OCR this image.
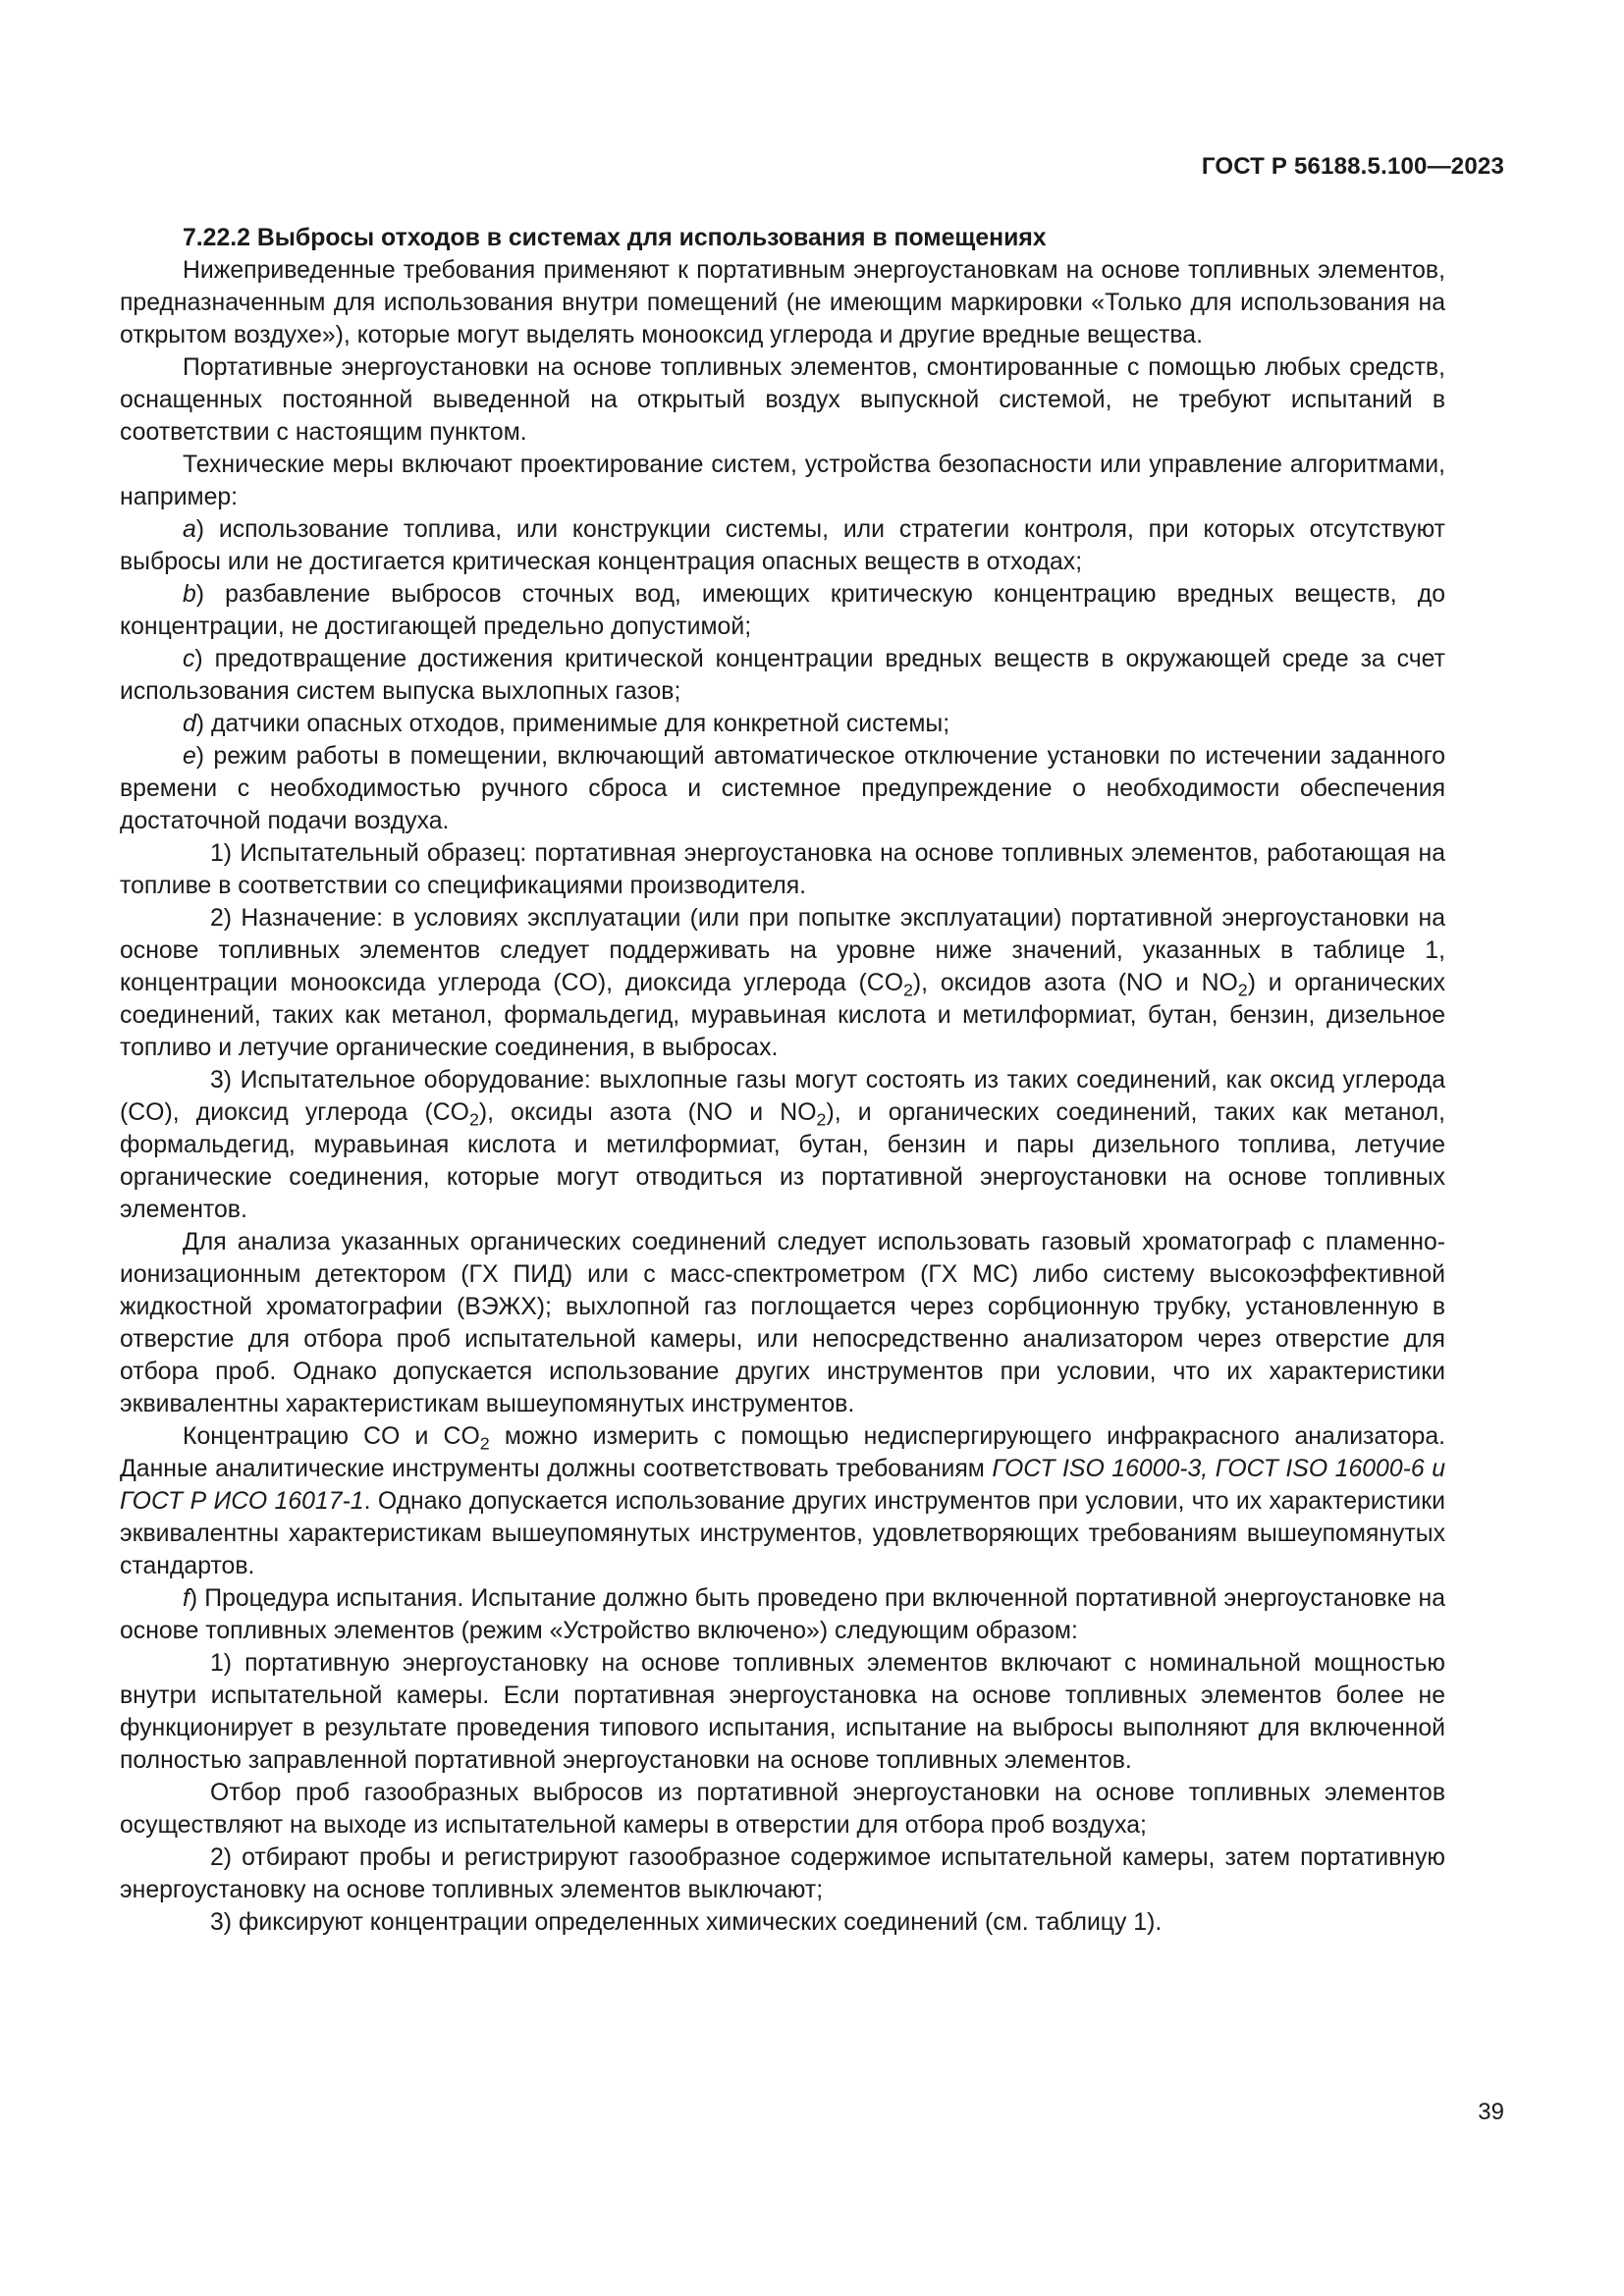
ГОСТ Р 56188.5.100—2023

7.22.2 Выбросы отходов в системах для использования в помещениях

Нижеприведенные требования применяют к портативным энергоустановкам на основе топливных элементов, предназначенным для использования внутри помещений (не имеющим маркировки «Только для использования на открытом воздухе»), которые могут выделять монооксид углерода и другие вредные вещества.

Портативные энергоустановки на основе топливных элементов, смонтированные с помощью любых средств, оснащенных постоянной выведенной на открытый воздух выпускной системой, не требуют испытаний в соответствии с настоящим пунктом.

Технические меры включают проектирование систем, устройства безопасности или управление алгоритмами, например:

а) использование топлива, или конструкции системы, или стратегии контроля, при которых отсутствуют выбросы или не достигается критическая концентрация опасных веществ в отходах;

b) разбавление выбросов сточных вод, имеющих критическую концентрацию вредных веществ, до концентрации, не достигающей предельно допустимой;

c) предотвращение достижения критической концентрации вредных веществ в окружающей среде за счет использования систем выпуска выхлопных газов;

d) датчики опасных отходов, применимые для конкретной системы;

е) режим работы в помещении, включающий автоматическое отключение установки по истечении заданного времени с необходимостью ручного сброса и системное предупреждение о необходимости обеспечения достаточной подачи воздуха.

1) Испытательный образец: портативная энергоустановка на основе топливных элементов, работающая на топливе в соответствии со спецификациями производителя.

2) Назначение: в условиях эксплуатации (или при попытке эксплуатации) портативной энергоустановки на основе топливных элементов следует поддерживать на уровне ниже значений, указанных в таблице 1, концентрации монооксида углерода (CO), диоксида углерода $(CO_2)$, оксидов азота (NO и $NO_2$) и органических соединений, таких как метанол, формальдегид, муравьиная кислота и метилформиат, бутан, бензин, дизельное топливо и летучие органические соединения, в выбросах.

3) Испытательное оборудование: выхлопные газы могут состоять из таких соединений, как оксид углерода (CO), диоксид углерода $(CO_2)$, оксиды азота (NO и $NO_2$), и органических соединений, таких как метанол, формальдегид, муравьиная кислота и метилформиат, бутан, бензин и пары дизельного топлива, летучие органические соединения, которые могут отводиться из портативной энергоустановки на основе топливных элементов.

Для анализа указанных органических соединений следует использовать газовый хроматограф с пламенно-ионизационным детектором (ГХ ПИД) или с масс-спектрометром (ГХ МС) либо систему высокоэффективной жидкостной хроматографии (ВЭЖХ); выхлопной газ поглощается через сорбционную трубку, установленную в отверстие для отбора проб испытательной камеры, или непосредственно анализатором через отверстие для отбора проб. Однако допускается использование других инструментов при условии, что их характеристики эквивалентны характеристикам вышеупомянутых инструментов.

Концентрацию CO и $CO_2$ можно измерить с помощью недиспергирующего инфракрасного анализатора. Данные аналитические инструменты должны соответствовать требованиям ГОСТ ISO 16000-3, ГОСТ ISO 16000-6 и ГОСТ Р ИСО 16017-1. Однако допускается использование других инструментов при условии, что их характеристики эквивалентны характеристикам вышеупомянутых инструментов, удовлетворяющих требованиям вышеупомянутых стандартов.

f) Процедура испытания. Испытание должно быть проведено при включенной портативной энергоустановке на основе топливных элементов (режим «Устройство включено») следующим образом:

1) портативную энергоустановку на основе топливных элементов включают с номинальной мощностью внутри испытательной камеры. Если портативная энергоустановка на основе топливных элементов более не функционирует в результате проведения типового испытания, испытание на выбросы выполняют для включенной полностью заправленной портативной энергоустановки на основе топливных элементов.

Отбор проб газообразных выбросов из портативной энергоустановки на основе топливных элементов осуществляют на выходе из испытательной камеры в отверстии для отбора проб воздуха;

2) отбирают пробы и регистрируют газообразное содержимое испытательной камеры, затем портативную энергоустановку на основе топливных элементов выключают;

3) фиксируют концентрации определенных химических соединений (см. таблицу 1).

39
